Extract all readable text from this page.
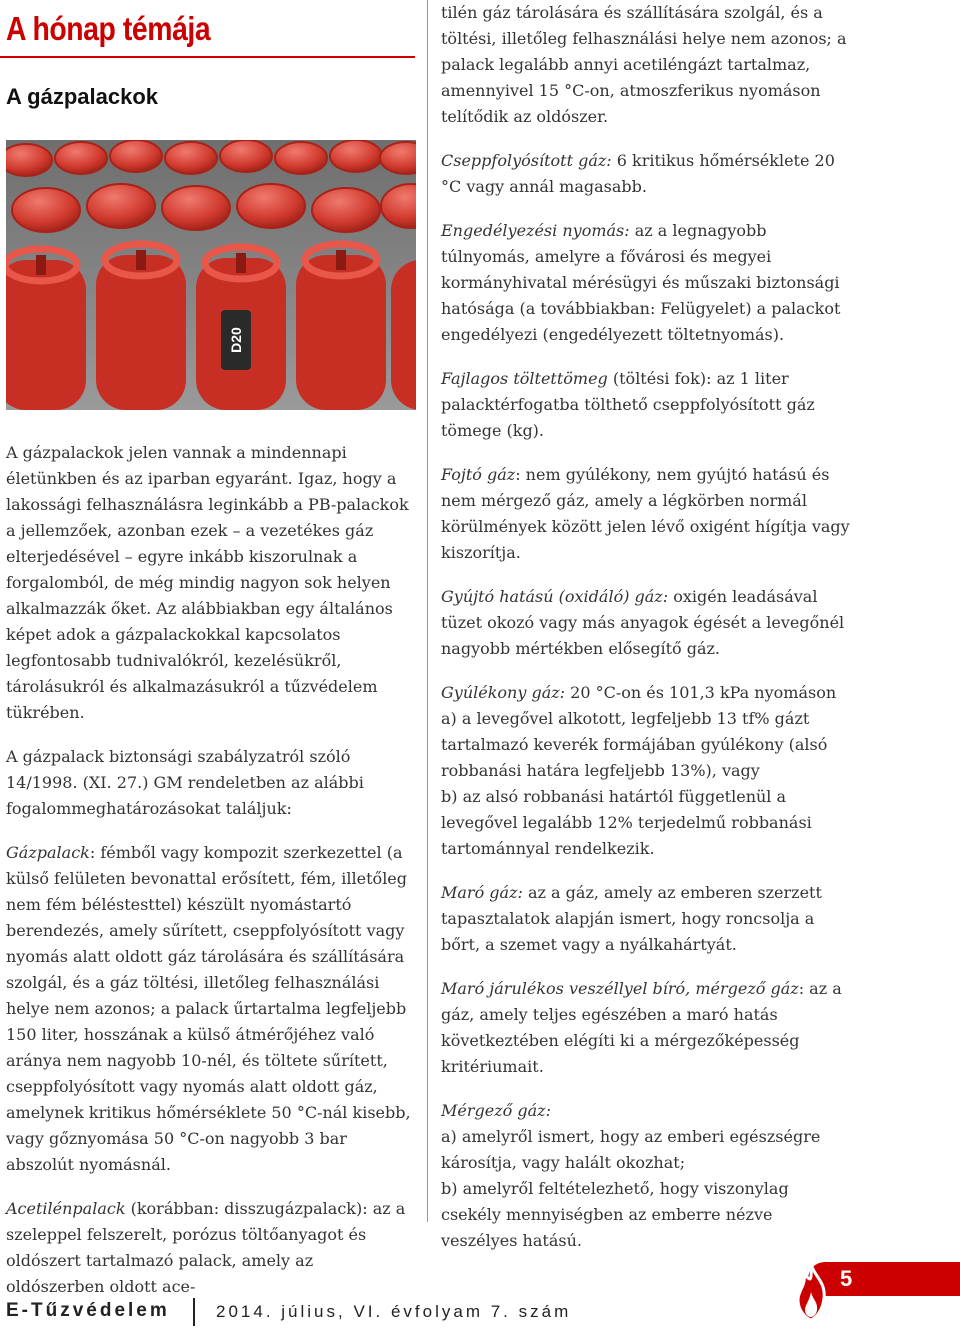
A hónap témája
A gázpalackok
D20

A gázpalackok jelen vannak a mindennapi életünkben és az iparban egyaránt. Igaz, hogy a lakossági felhasználásra leginkább a PB-palackok a jellemzőek, azonban ezek – a vezetékes gáz elterjedésével – egyre inkább kiszorulnak a forgalomból, de még mindig nagyon sok helyen alkalmazzák őket. Az alábbiakban egy általános képet adok a gázpalackokkal kapcsolatos legfontosabb tudnivalókról, kezelésükről, tárolásukról és alkalmazásukról a tűzvédelem tükrében.

A gázpalack biztonsági szabályzatról szóló 14/1998. (XI. 27.) GM rendeletben az alábbi fogalommeghatározásokat találjuk:

Gázpalack: fémből vagy kompozit szerkezettel (a külső felületen bevonattal erősített, fém, illetőleg nem fém béléstesttel) készült nyomástartó berendezés, amely sűrített, cseppfolyósított vagy nyomás alatt oldott gáz tárolására és szállítására szolgál, és a gáz töltési, illetőleg felhasználási helye nem azonos; a palack űrtartalma legfeljebb 150 liter, hosszának a külső átmérőjéhez való aránya nem nagyobb 10-nél, és töltete sűrített, cseppfolyósított vagy nyomás alatt oldott gáz, amelynek kritikus hőmérséklete 50 °C-nál kisebb, vagy gőznyomása 50 °C-on nagyobb 3 bar abszolút nyomásnál.

Acetilénpalack (korábban: disszugázpalack): az a szeleppel felszerelt, porózus töltőanyagot és oldószert tartalmazó palack, amely az oldószerben oldott ace-

tilén gáz tárolására és szállítására szolgál, és a töltési, illetőleg felhasználási helye nem azonos; a palack legalább annyi acetiléngázt tartalmaz, amennyivel 15 °C-on, atmoszferikus nyomáson telítődik az oldószer.

Cseppfolyósított gáz: 6 kritikus hőmérséklete 20 °C vagy annál magasabb.

Engedélyezési nyomás: az a legnagyobb túlnyomás, amelyre a fővárosi és megyei kormányhivatal mérésügyi és műszaki biztonsági hatósága (a továbbiakban: Felügyelet) a palackot engedélyezi (engedélyezett töltetnyomás).

Fajlagos töltettömeg (töltési fok): az 1 liter palacktérfogatba tölthető cseppfolyósított gáz tömege (kg).

Fojtó gáz: nem gyúlékony, nem gyújtó hatású és nem mérgező gáz, amely a légkörben normál körülmények között jelen lévő oxigént hígítja vagy kiszorítja.

Gyújtó hatású (oxidáló) gáz: oxigén leadásával tüzet okozó vagy más anyagok égését a levegőnél nagyobb mértékben elősegítő gáz.

Gyúlékony gáz: 20 °C-on és 101,3 kPa nyomáson
a) a levegővel alkotott, legfeljebb 13 tf% gázt tartalmazó keverék formájában gyúlékony (alsó robbanási határa legfeljebb 13%), vagy
b) az alsó robbanási határtól függetlenül a levegővel legalább 12% terjedelmű robbanási tartománnyal rendelkezik.

Maró gáz: az a gáz, amely az emberen szerzett tapasztalatok alapján ismert, hogy roncsolja a bőrt, a szemet vagy a nyálkahártyát.

Maró járulékos veszéllyel bíró, mérgező gáz: az a gáz, amely teljes egészében a maró hatás következtében elégíti ki a mérgezőképesség kritériumait.

Mérgező gáz:
a) amelyről ismert, hogy az emberi egészségre károsítja, vagy halált okozhat;
b) amelyről feltételezhető, hogy viszonylag csekély mennyiségben az emberre nézve veszélyes hatású.

5
E-Tűzvédelem	2014. július, VI. évfolyam 7. szám
